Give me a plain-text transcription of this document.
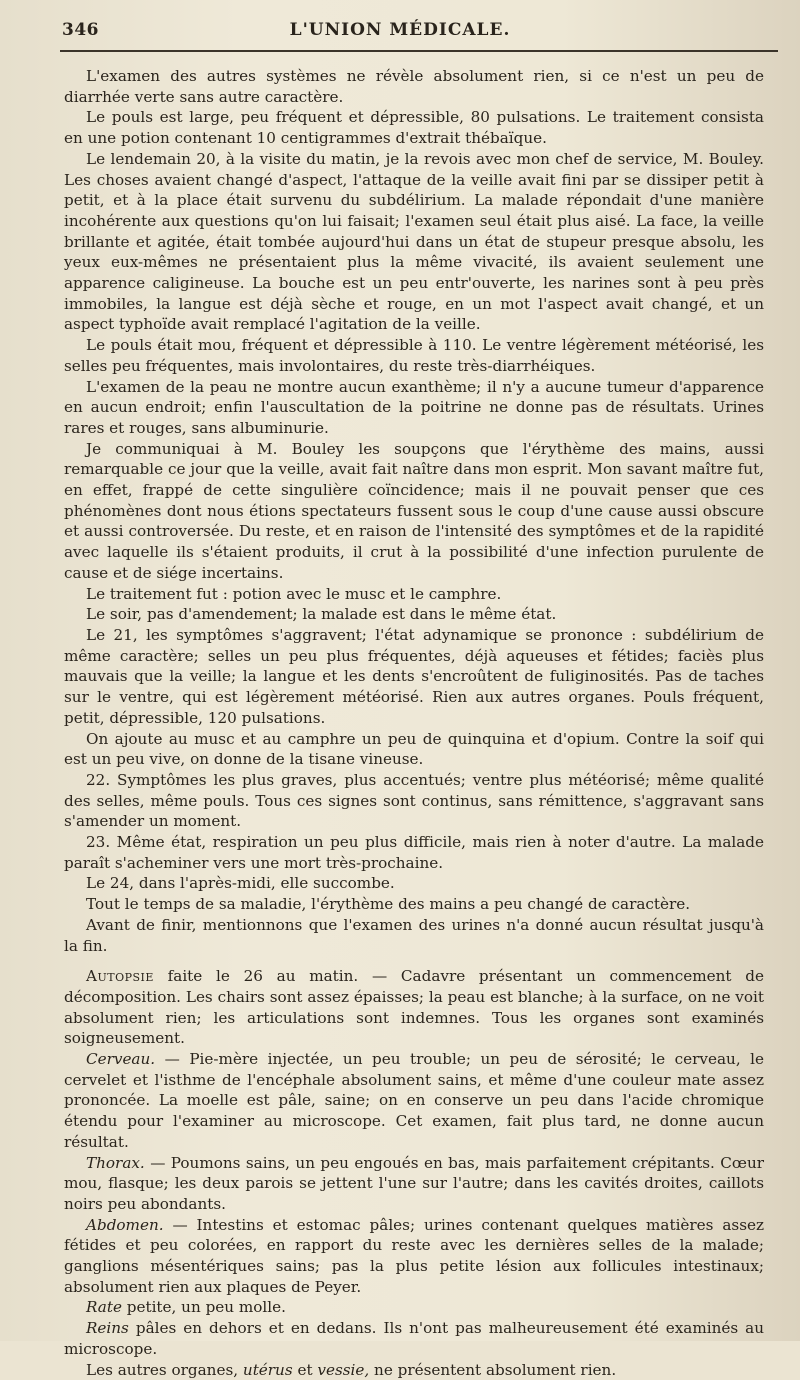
346	L'UNION MÉDICALE.

L'examen des autres systèmes ne révèle absolument rien, si ce n'est un peu de diarrhée verte sans autre caractère.

Le pouls est large, peu fréquent et dépressible, 80 pulsations. Le traitement consista en une potion contenant 10 centigrammes d'extrait thébaïque.

Le lendemain 20, à la visite du matin, je la revois avec mon chef de service, M. Bouley. Les choses avaient changé d'aspect, l'attaque de la veille avait fini par se dissiper petit à petit, et à la place était survenu du subdélirium. La malade répondait d'une manière incohérente aux questions qu'on lui faisait; l'examen seul était plus aisé. La face, la veille brillante et agitée, était tombée aujourd'hui dans un état de stupeur presque absolu, les yeux eux-mêmes ne présentaient plus la même vivacité, ils avaient seulement une apparence caligineuse. La bouche est un peu entr'ouverte, les narines sont à peu près immobiles, la langue est déjà sèche et rouge, en un mot l'aspect avait changé, et un aspect typhoïde avait remplacé l'agitation de la veille.

Le pouls était mou, fréquent et dépressible à 110. Le ventre légèrement météorisé, les selles peu fréquentes, mais involontaires, du reste très-diarrhéiques.

L'examen de la peau ne montre aucun exanthème; il n'y a aucune tumeur d'apparence en aucun endroit; enfin l'auscultation de la poitrine ne donne pas de résultats. Urines rares et rouges, sans albuminurie.

Je communiquai à M. Bouley les soupçons que l'érythème des mains, aussi remarquable ce jour que la veille, avait fait naître dans mon esprit. Mon savant maître fut, en effet, frappé de cette singulière coïncidence; mais il ne pouvait penser que ces phénomènes dont nous étions spectateurs fussent sous le coup d'une cause aussi obscure et aussi controversée. Du reste, et en raison de l'intensité des symptômes et de la rapidité avec laquelle ils s'étaient produits, il crut à la possibilité d'une infection purulente de cause et de siége incertains.

Le traitement fut : potion avec le musc et le camphre.

Le soir, pas d'amendement; la malade est dans le même état.

Le 21, les symptômes s'aggravent; l'état adynamique se prononce : subdélirium de même caractère; selles un peu plus fréquentes, déjà aqueuses et fétides; faciès plus mauvais que la veille; la langue et les dents s'encroûtent de fuliginosités. Pas de taches sur le ventre, qui est légèrement météorisé. Rien aux autres organes. Pouls fréquent, petit, dépressible, 120 pulsations.

On ajoute au musc et au camphre un peu de quinquina et d'opium. Contre la soif qui est un peu vive, on donne de la tisane vineuse.

22. Symptômes les plus graves, plus accentués; ventre plus météorisé; même qualité des selles, même pouls. Tous ces signes sont continus, sans rémittence, s'aggravant sans s'amender un moment.

23. Même état, respiration un peu plus difficile, mais rien à noter d'autre. La malade paraît s'acheminer vers une mort très-prochaine.

Le 24, dans l'après-midi, elle succombe.

Tout le temps de sa maladie, l'érythème des mains a peu changé de caractère.

Avant de finir, mentionnons que l'examen des urines n'a donné aucun résultat jusqu'à la fin.

Autopsie faite le 26 au matin. — Cadavre présentant un commencement de décomposition. Les chairs sont assez épaisses; la peau est blanche; à la surface, on ne voit absolument rien; les articulations sont indemnes. Tous les organes sont examinés soigneusement.

Cerveau. — Pie-mère injectée, un peu trouble; un peu de sérosité; le cerveau, le cervelet et l'isthme de l'encéphale absolument sains, et même d'une couleur mate assez prononcée. La moelle est pâle, saine; on en conserve un peu dans l'acide chromique étendu pour l'examiner au microscope. Cet examen, fait plus tard, ne donne aucun résultat.

Thorax. — Poumons sains, un peu engoués en bas, mais parfaitement crépitants. Cœur mou, flasque; les deux parois se jettent l'une sur l'autre; dans les cavités droites, caillots noirs peu abondants.

Abdomen. — Intestins et estomac pâles; urines contenant quelques matières assez fétides et peu colorées, en rapport du reste avec les dernières selles de la malade; ganglions mésentériques sains; pas la plus petite lésion aux follicules intestinaux; absolument rien aux plaques de Peyer.

Rate petite, un peu molle.

Reins pâles en dehors et en dedans. Ils n'ont pas malheureusement été examinés au microscope.

Les autres organes, utérus et vessie, ne présentent absolument rien.
